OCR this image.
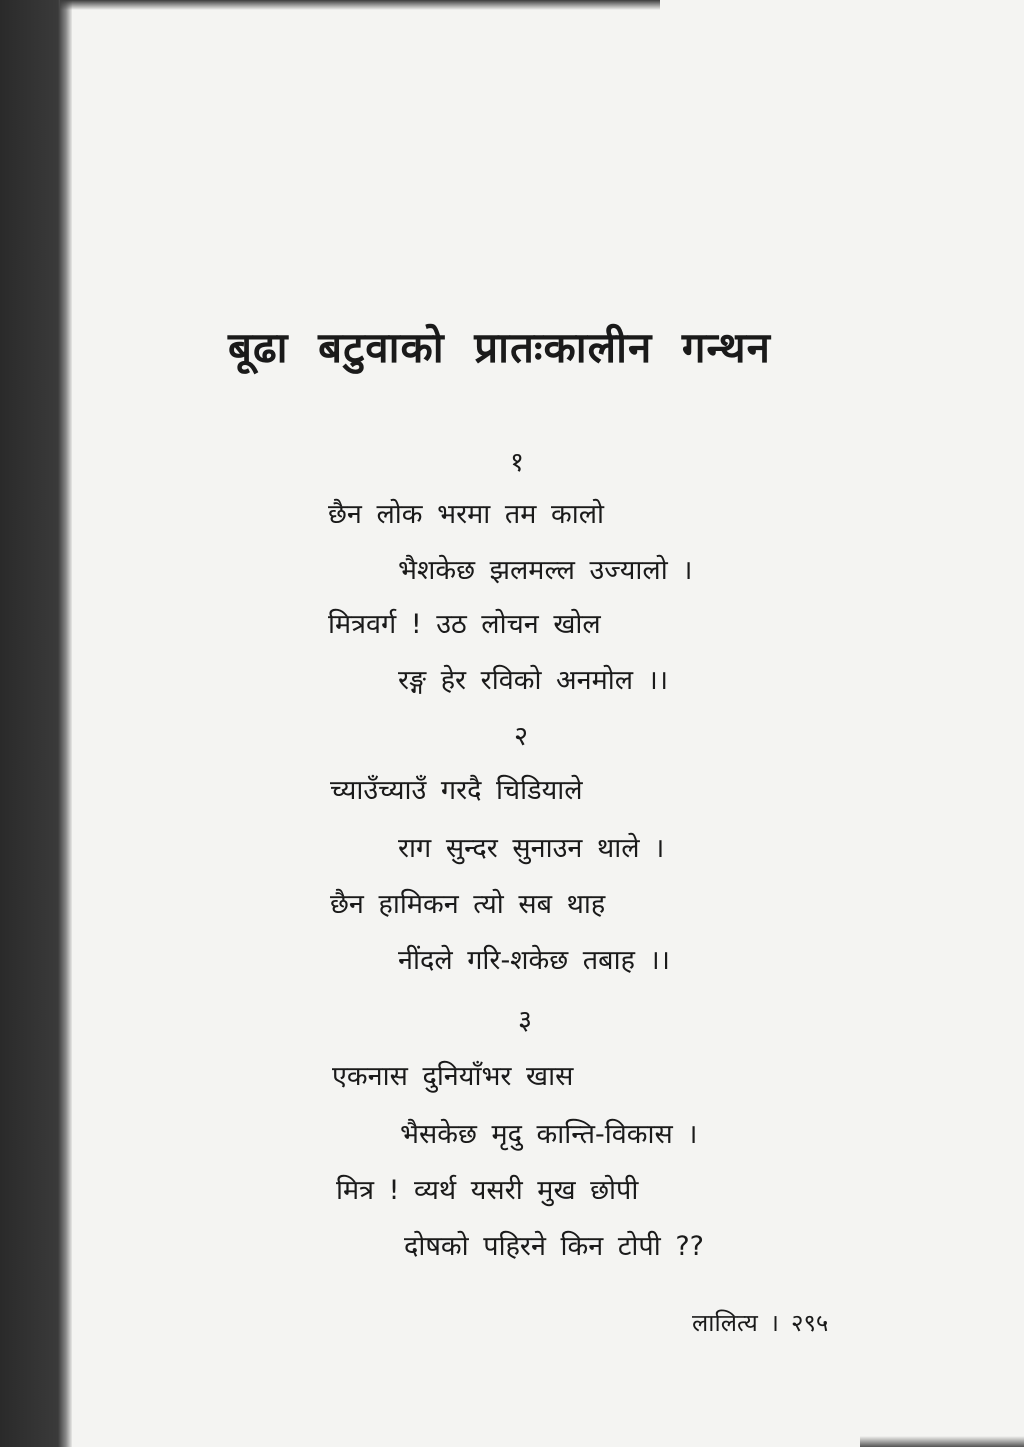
बूढा बटुवाको प्रातःकालीन गन्थन
१
छैन लोक भरमा तम कालो
भैशकेछ झलमल्ल उज्यालो ।
मित्रवर्ग ! उठ लोचन खोल
रङ्ग हेर रविको अनमोल ।।
२
च्याउँच्याउँ गरदै चिडियाले
राग सुन्दर सुनाउन थाले ।
छैन हामिकन त्यो सब थाह
नींदले गरि-शकेछ तबाह ।।
३
एकनास दुनियाँभर खास
भैसकेछ मृदु कान्ति-विकास ।
मित्र ! व्यर्थ यसरी मुख छोपी
दोषको पहिरने किन टोपी ??
लालित्य । २९५
